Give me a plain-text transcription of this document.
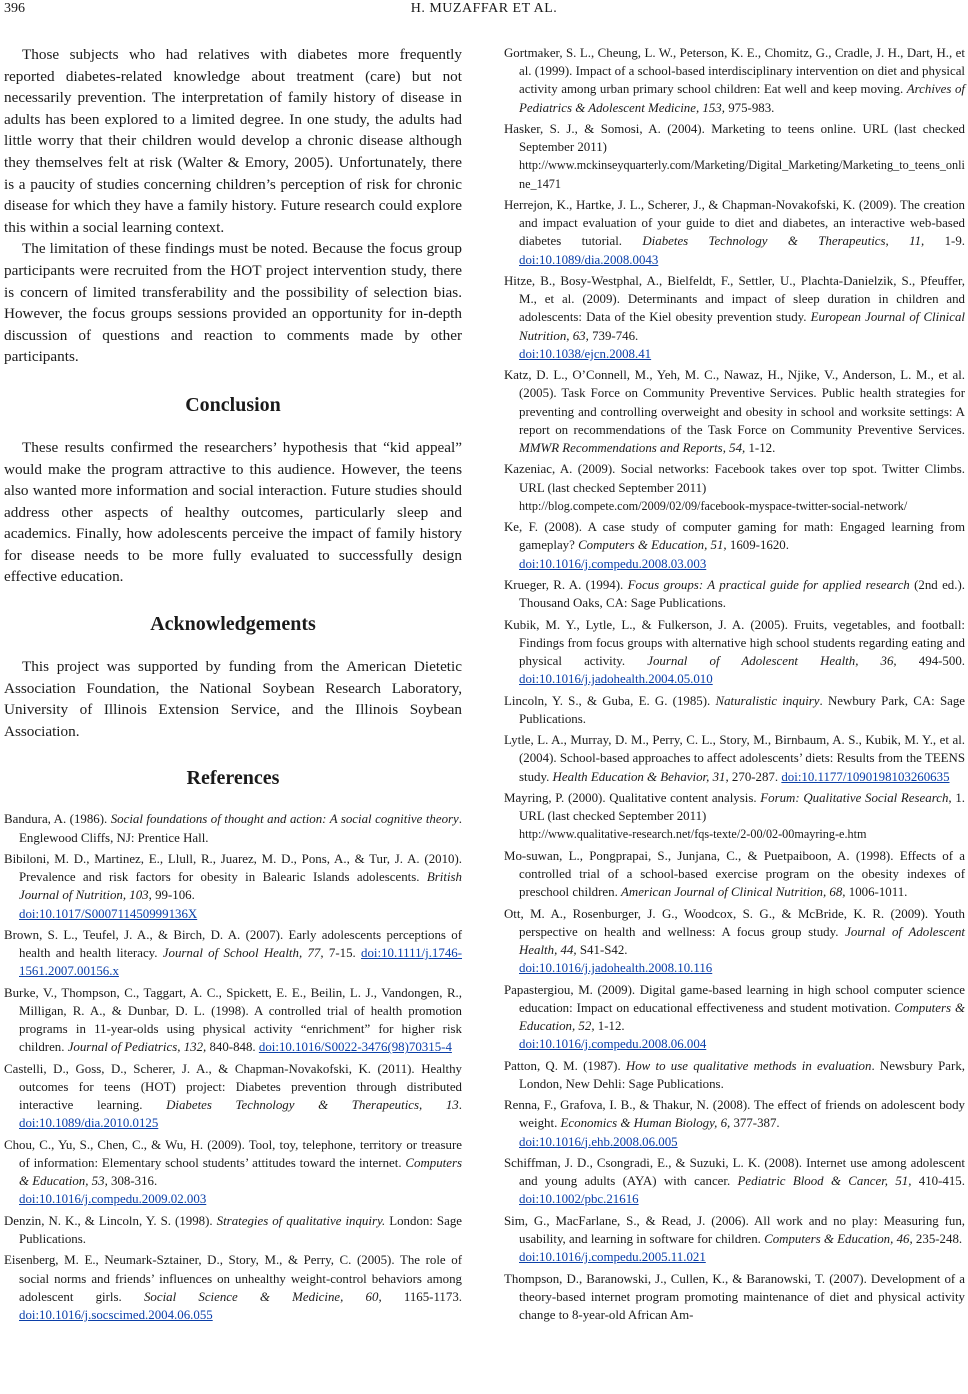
396	H. MUZAFFAR ET AL.

Those subjects who had relatives with diabetes more frequently reported diabetes-related knowledge about treatment (care) but not necessarily prevention. The interpretation of family history of disease in adults has been explored to a limited degree. In one study, the adults had little worry that their children would develop a chronic disease although they themselves felt at risk (Walter & Emory, 2005). Unfortunately, there is a paucity of studies concerning children’s perception of risk for chronic disease for which they have a family history. Future research could explore this within a social learning context.

The limitation of these findings must be noted. Because the focus group participants were recruited from the HOT project intervention study, there is concern of limited transferability and the possibility of selection bias. However, the focus groups sessions provided an opportunity for in-depth discussion of questions and reaction to comments made by other participants.

Conclusion

These results confirmed the researchers’ hypothesis that “kid appeal” would make the program attractive to this audience. However, the teens also wanted more information and social interaction. Future studies should address other aspects of healthy outcomes, particularly sleep and academics. Finally, how adolescents perceive the impact of family history for disease needs to be more fully evaluated to successfully design effective education.

Acknowledgements

This project was supported by funding from the American Dietetic Association Foundation, the National Soybean Research Laboratory, University of Illinois Extension Service, and the Illinois Soybean Association.

References

Bandura, A. (1986). Social foundations of thought and action: A social cognitive theory. Englewood Cliffs, NJ: Prentice Hall.

Bibiloni, M. D., Martinez, E., Llull, R., Juarez, M. D., Pons, A., & Tur, J. A. (2010). Prevalence and risk factors for obesity in Balearic Islands adolescents. British Journal of Nutrition, 103, 99-106.
doi:10.1017/S000711450999136X

Brown, S. L., Teufel, J. A., & Birch, D. A. (2007). Early adolescents perceptions of health and health literacy. Journal of School Health, 77, 7-15. doi:10.1111/j.1746-1561.2007.00156.x

Burke, V., Thompson, C., Taggart, A. C., Spickett, E. E., Beilin, L. J., Vandongen, R., Milligan, R. A., & Dunbar, D. L. (1998). A controlled trial of health promotion programs in 11-year-olds using physical activity “enrichment” for higher risk children. Journal of Pediatrics, 132, 840-848. doi:10.1016/S0022-3476(98)70315-4

Castelli, D., Goss, D., Scherer, J. A., & Chapman-Novakofski, K. (2011). Healthy outcomes for teens (HOT) project: Diabetes prevention through distributed interactive learning. Diabetes Technology & Therapeutics, 13. doi:10.1089/dia.2010.0125

Chou, C., Yu, S., Chen, C., & Wu, H. (2009). Tool, toy, telephone, territory or treasure of information: Elementary school students’ attitudes toward the internet. Computers & Education, 53, 308-316.
doi:10.1016/j.compedu.2009.02.003

Denzin, N. K., & Lincoln, Y. S. (1998). Strategies of qualitative inquiry. London: Sage Publications.

Eisenberg, M. E., Neumark-Sztainer, D., Story, M., & Perry, C. (2005). The role of social norms and friends’ influences on unhealthy weight-control behaviors among adolescent girls. Social Science & Medicine, 60, 1165-1173. doi:10.1016/j.socscimed.2004.06.055

Gortmaker, S. L., Cheung, L. W., Peterson, K. E., Chomitz, G., Cradle, J. H., Dart, H., et al. (1999). Impact of a school-based interdisciplinary intervention on diet and physical activity among urban primary school children: Eat well and keep moving. Archives of Pediatrics & Adolescent Medicine, 153, 975-983.

Hasker, S. J., & Somosi, A. (2004). Marketing to teens online. URL (last checked September 2011)
http://www.mckinseyquarterly.com/Marketing/Digital_Marketing/Marketing_to_teens_online_1471

Herrejon, K., Hartke, J. L., Scherer, J., & Chapman-Novakofski, K. (2009). The creation and impact evaluation of your guide to diet and diabetes, an interactive web-based diabetes tutorial. Diabetes Technology & Therapeutics, 11, 1-9. doi:10.1089/dia.2008.0043

Hitze, B., Bosy-Westphal, A., Bielfeldt, F., Settler, U., Plachta-Danielzik, S., Pfeuffer, M., et al. (2009). Determinants and impact of sleep duration in children and adolescents: Data of the Kiel obesity prevention study. European Journal of Clinical Nutrition, 63, 739-746.
doi:10.1038/ejcn.2008.41

Katz, D. L., O’Connell, M., Yeh, M. C., Nawaz, H., Njike, V., Anderson, L. M., et al. (2005). Task Force on Community Preventive Services. Public health strategies for preventing and controlling overweight and obesity in school and worksite settings: A report on recommendations of the Task Force on Community Preventive Services. MMWR Recommendations and Reports, 54, 1-12.

Kazeniac, A. (2009). Social networks: Facebook takes over top spot. Twitter Climbs. URL (last checked September 2011)
http://blog.compete.com/2009/02/09/facebook-myspace-twitter-social-network/

Ke, F. (2008). A case study of computer gaming for math: Engaged learning from gameplay? Computers & Education, 51, 1609-1620.
doi:10.1016/j.compedu.2008.03.003

Krueger, R. A. (1994). Focus groups: A practical guide for applied research (2nd ed.). Thousand Oaks, CA: Sage Publications.

Kubik, M. Y., Lytle, L., & Fulkerson, J. A. (2005). Fruits, vegetables, and football: Findings from focus groups with alternative high school students regarding eating and physical activity. Journal of Adolescent Health, 36, 494-500. doi:10.1016/j.jadohealth.2004.05.010

Lincoln, Y. S., & Guba, E. G. (1985). Naturalistic inquiry. Newbury Park, CA: Sage Publications.

Lytle, L. A., Murray, D. M., Perry, C. L., Story, M., Birnbaum, A. S., Kubik, M. Y., et al. (2004). School-based approaches to affect adolescents’ diets: Results from the TEENS study. Health Education & Behavior, 31, 270-287. doi:10.1177/1090198103260635

Mayring, P. (2000). Qualitative content analysis. Forum: Qualitative Social Research, 1. URL (last checked September 2011)
http://www.qualitative-research.net/fqs-texte/2-00/02-00mayring-e.htm

Mo-suwan, L., Pongprapai, S., Junjana, C., & Puetpaiboon, A. (1998). Effects of a controlled trial of a school-based exercise program on the obesity indexes of preschool children. American Journal of Clinical Nutrition, 68, 1006-1011.

Ott, M. A., Rosenburger, J. G., Woodcox, S. G., & McBride, K. R. (2009). Youth perspective on health and wellness: A focus group study. Journal of Adolescent Health, 44, S41-S42.
doi:10.1016/j.jadohealth.2008.10.116

Papastergiou, M. (2009). Digital game-based learning in high school computer science education: Impact on educational effectiveness and student motivation. Computers & Education, 52, 1-12.
doi:10.1016/j.compedu.2008.06.004

Patton, Q. M. (1987). How to use qualitative methods in evaluation. Newsbury Park, London, New Dehli: Sage Publications.

Renna, F., Grafova, I. B., & Thakur, N. (2008). The effect of friends on adolescent body weight. Economics & Human Biology, 6, 377-387.
doi:10.1016/j.ehb.2008.06.005

Schiffman, J. D., Csongradi, E., & Suzuki, L. K. (2008). Internet use among adolescent and young adults (AYA) with cancer. Pediatric Blood & Cancer, 51, 410-415. doi:10.1002/pbc.21616

Sim, G., MacFarlane, S., & Read, J. (2006). All work and no play: Measuring fun, usability, and learning in software for children. Computers & Education, 46, 235-248.
doi:10.1016/j.compedu.2005.11.021

Thompson, D., Baranowski, J., Cullen, K., & Baranowski, T. (2007). Development of a theory-based internet program promoting maintenance of diet and physical activity change to 8-year-old African Am-
